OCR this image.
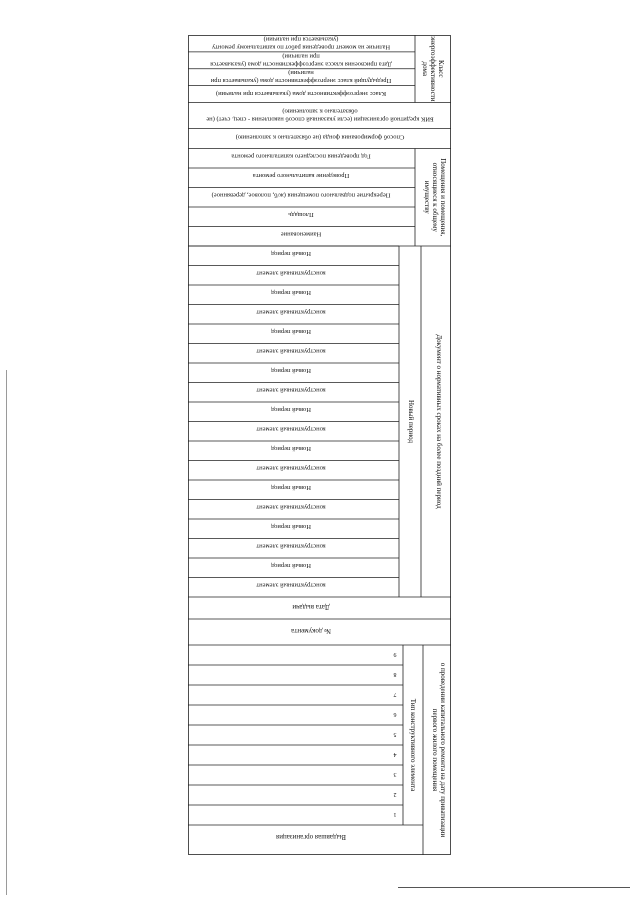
Выдавшая организация	о проведении капитального ремонта на дату приватизации
первого жилого помещения
Тип конструктивного элемента
1
2
3
4
5
6
7
8
9
№ документа
Дата выдачи
Документ о нормативных сроках на более поздний период
Новый период
конструктивный элемент
Новый период
конструктивный элемент
Новый период
конструктивный элемент
Новый период
конструктивный элемент
Новый период
конструктивный элемент
Новый период
конструктивный элемент
Новый период
конструктивный элемент
Новый период
конструктивный элемент
Новый период
конструктивный элемент
Новый период
Помещения и помещения,
относящиеся к общему
имуществу
Наименование
Площадь
Перекрытие подвального помещения (ж/б, половое, деревянное)
Проведение капитального ремонта
Год проведения последнего капитального ремонта
Способ формирования фонда (не обязательно к заполнению)
БИК кредитной организации (если указанный способ накопления - спец. счет) (не
обязательно к заполнению)
Класс
энергоэффективности
дома
Класс энергоэффективности дома (указывается при наличии)
Предыдущий класс энергоэффективности дома (указывается при
наличии)
Дата присвоения класса энергоэффективности дома (указывается
при наличии)
Наличие на момент проведения работ по капитальному ремонту
(указывается при наличии)
